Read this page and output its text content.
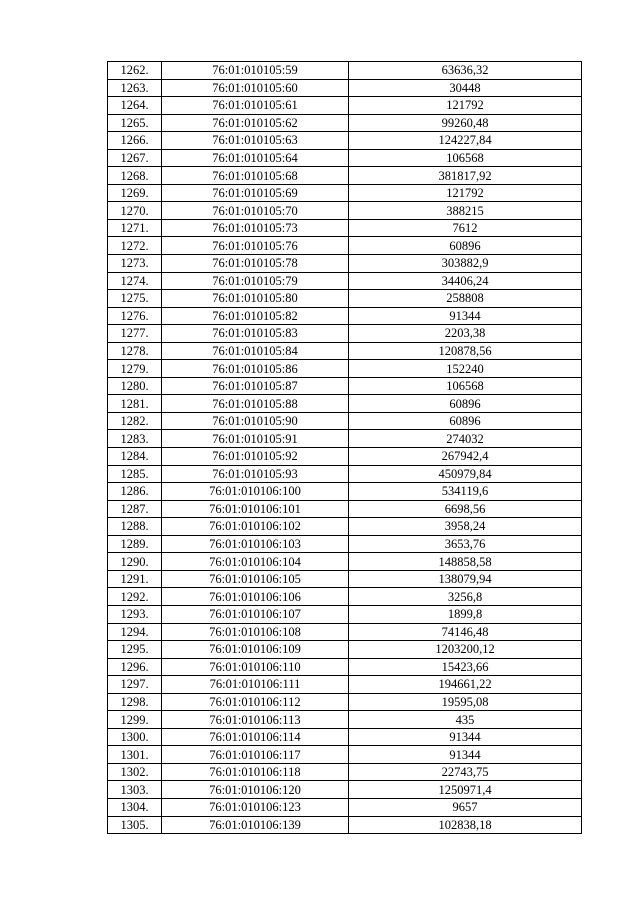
1262.	76:01:010105:59	63636,32
1263.	76:01:010105:60	30448
1264.	76:01:010105:61	121792
1265.	76:01:010105:62	99260,48
1266.	76:01:010105:63	124227,84
1267.	76:01:010105:64	106568
1268.	76:01:010105:68	381817,92
1269.	76:01:010105:69	121792
1270.	76:01:010105:70	388215
1271.	76:01:010105:73	7612
1272.	76:01:010105:76	60896
1273.	76:01:010105:78	303882,9
1274.	76:01:010105:79	34406,24
1275.	76:01:010105:80	258808
1276.	76:01:010105:82	91344
1277.	76:01:010105:83	2203,38
1278.	76:01:010105:84	120878,56
1279.	76:01:010105:86	152240
1280.	76:01:010105:87	106568
1281.	76:01:010105:88	60896
1282.	76:01:010105:90	60896
1283.	76:01:010105:91	274032
1284.	76:01:010105:92	267942,4
1285.	76:01:010105:93	450979,84
1286.	76:01:010106:100	534119,6
1287.	76:01:010106:101	6698,56
1288.	76:01:010106:102	3958,24
1289.	76:01:010106:103	3653,76
1290.	76:01:010106:104	148858,58
1291.	76:01:010106:105	138079,94
1292.	76:01:010106:106	3256,8
1293.	76:01:010106:107	1899,8
1294.	76:01:010106:108	74146,48
1295.	76:01:010106:109	1203200,12
1296.	76:01:010106:110	15423,66
1297.	76:01:010106:111	194661,22
1298.	76:01:010106:112	19595,08
1299.	76:01:010106:113	435
1300.	76:01:010106:114	91344
1301.	76:01:010106:117	91344
1302.	76:01:010106:118	22743,75
1303.	76:01:010106:120	1250971,4
1304.	76:01:010106:123	9657
1305.	76:01:010106:139	102838,18
